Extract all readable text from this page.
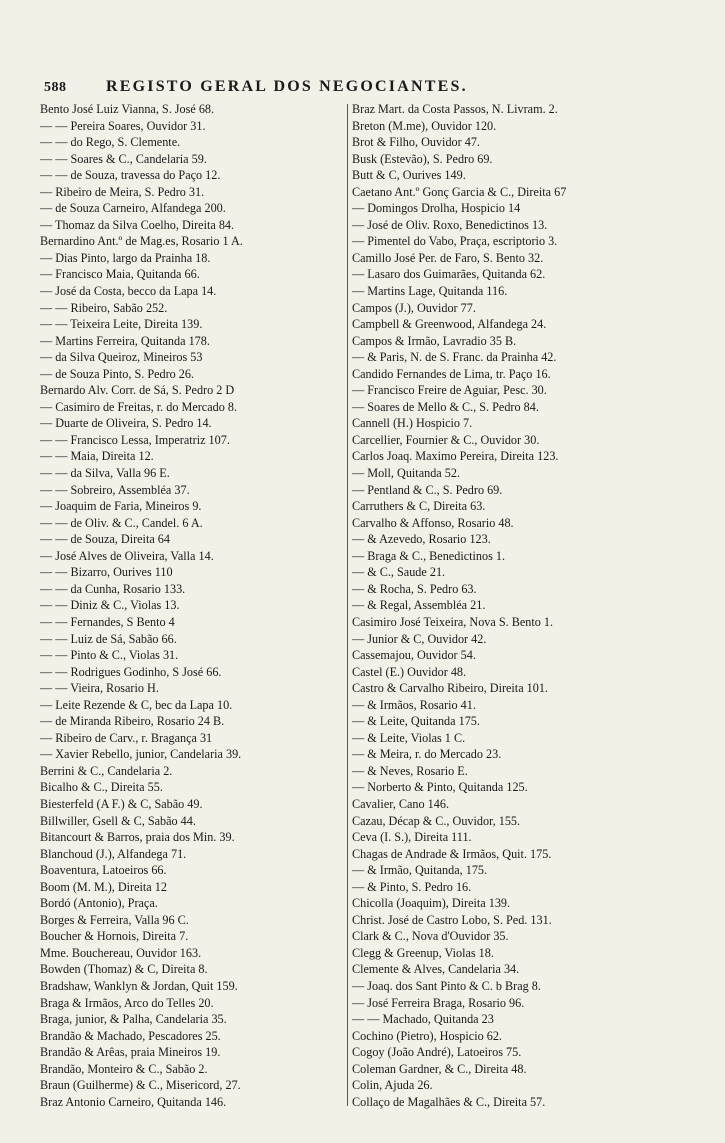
588	REGISTO GERAL DOS NEGOCIANTES.
Bento José Luiz Vianna, S. José 68.
— — Pereira Soares, Ouvidor 31.
— — do Rego, S. Clemente.
— — Soares & C., Candelaria 59.
— — de Souza, travessa do Paço 12.
— Ribeiro de Meira, S. Pedro 31.
— de Souza Carneiro, Alfandega 200.
— Thomaz da Silva Coelho, Direita 84.
Bernardino Ant.º de Mag.es, Rosario 1 A.
— Dias Pinto, largo da Prainha 18.
— Francisco Maia, Quitanda 66.
— José da Costa, becco da Lapa 14.
— — Ribeiro, Sabão 252.
— — Teixeira Leite, Direita 139.
— Martins Ferreira, Quitanda 178.
— da Silva Queiroz, Mineiros 53
— de Souza Pinto, S. Pedro 26.
Bernardo Alv. Corr. de Sá, S. Pedro 2 D
— Casimiro de Freitas, r. do Mercado 8.
— Duarte de Oliveira, S. Pedro 14.
— — Francisco Lessa, Imperatriz 107.
— — Maia, Direita 12.
— — da Silva, Valla 96 E.
— — Sobreiro, Assembléa 37.
— Joaquim de Faria, Mineiros 9.
— — de Oliv. & C., Candel. 6 A.
— — de Souza, Direita 64
— José Alves de Oliveira, Valla 14.
— — Bizarro, Ourives 110
— — da Cunha, Rosario 133.
— — Diniz & C., Violas 13.
— — Fernandes, S Bento 4
— — Luiz de Sá, Sabão 66.
— — Pinto & C., Violas 31.
— — Rodrigues Godinho, S José 66.
— — Vieira, Rosario H.
— Leite Rezende & C, bec da Lapa 10.
— de Miranda Ribeiro, Rosario 24 B.
— Ribeiro de Carv., r. Bragança 31
— Xavier Rebello, junior, Candelaria 39.
Berrini & C., Candelaria 2.
Bicalho & C., Direita 55.
Biesterfeld (A F.) & C, Sabão 49.
Billwiller, Gsell & C, Sabão 44.
Bitancourt & Barros, praia dos Min. 39.
Blanchoud (J.), Alfandega 71.
Boaventura, Latoeiros 66.
Boom (M. M.), Direita 12
Bordó (Antonio), Praça.
Borges & Ferreira, Valla 96 C.
Boucher & Hornois, Direita 7.
Mme. Bouchereau, Ouvidor 163.
Bowden (Thomaz) & C, Direita 8.
Bradshaw, Wanklyn & Jordan, Quit 159.
Braga & Irmãos, Arco do Telles 20.
Braga, junior, & Palha, Candelaria 35.
Brandão & Machado, Pescadores 25.
Brandão & Arêas, praia Mineiros 19.
Brandão, Monteiro & C., Sabão 2.
Braun (Guilherme) & C., Misericord, 27.
Braz Antonio Carneiro, Quitanda 146.
Braz Mart. da Costa Passos, N. Livram. 2.
Breton (M.me), Ouvidor 120.
Brot & Filho, Ouvidor 47.
Busk (Estevão), S. Pedro 69.
Butt & C, Ourives 149.
Caetano Ant.º Gonç Garcia & C., Direita 67
— Domingos Drolha, Hospicio 14
— José de Oliv. Roxo, Benedictinos 13.
— Pimentel do Vabo, Praça, escriptorio 3.
Camillo José Per. de Faro, S. Bento 32.
— Lasaro dos Guimarães, Quitanda 62.
— Martins Lage, Quitanda 116.
Campos (J.), Ouvidor 77.
Campbell & Greenwood, Alfandega 24.
Campos & Irmão, Lavradio 35 B.
— & Paris, N. de S. Franc. da Prainha 42.
Candido Fernandes de Lima, tr. Paço 16.
— Francisco Freire de Aguiar, Pesc. 30.
— Soares de Mello & C., S. Pedro 84.
Cannell (H.) Hospicio 7.
Carcellier, Fournier & C., Ouvidor 30.
Carlos Joaq. Maximo Pereira, Direita 123.
— Moll, Quitanda 52.
— Pentland & C., S. Pedro 69.
Carruthers & C, Direita 63.
Carvalho & Affonso, Rosario 48.
— & Azevedo, Rosario 123.
— Braga & C., Benedictinos 1.
— & C., Saude 21.
— & Rocha, S. Pedro 63.
— & Regal, Assembléa 21.
Casimiro José Teixeira, Nova S. Bento 1.
— Junior & C, Ouvidor 42.
Cassemajou, Ouvidor 54.
Castel (E.) Ouvidor 48.
Castro & Carvalho Ribeiro, Direita 101.
— & Irmãos, Rosario 41.
— & Leite, Quitanda 175.
— & Leite, Violas 1 C.
— & Meira, r. do Mercado 23.
— & Neves, Rosario E.
— Norberto & Pinto, Quitanda 125.
Cavalier, Cano 146.
Cazau, Décap & C., Ouvidor, 155.
Ceva (I. S.), Direita 111.
Chagas de Andrade & Irmãos, Quit. 175.
— & Irmão, Quitanda, 175.
— & Pinto, S. Pedro 16.
Chicolla (Joaquim), Direita 139.
Christ. José de Castro Lobo, S. Ped. 131.
Clark & C., Nova d'Ouvidor 35.
Clegg & Greenup, Violas 18.
Clemente & Alves, Candelaria 34.
— Joaq. dos Sant Pinto & C. b Brag 8.
— José Ferreira Braga, Rosario 96.
— — Machado, Quitanda 23
Cochino (Pietro), Hospicio 62.
Cogoy (João André), Latoeiros 75.
Coleman Gardner, & C., Direita 48.
Colin, Ajuda 26.
Collaço de Magalhães & C., Direita 57.
